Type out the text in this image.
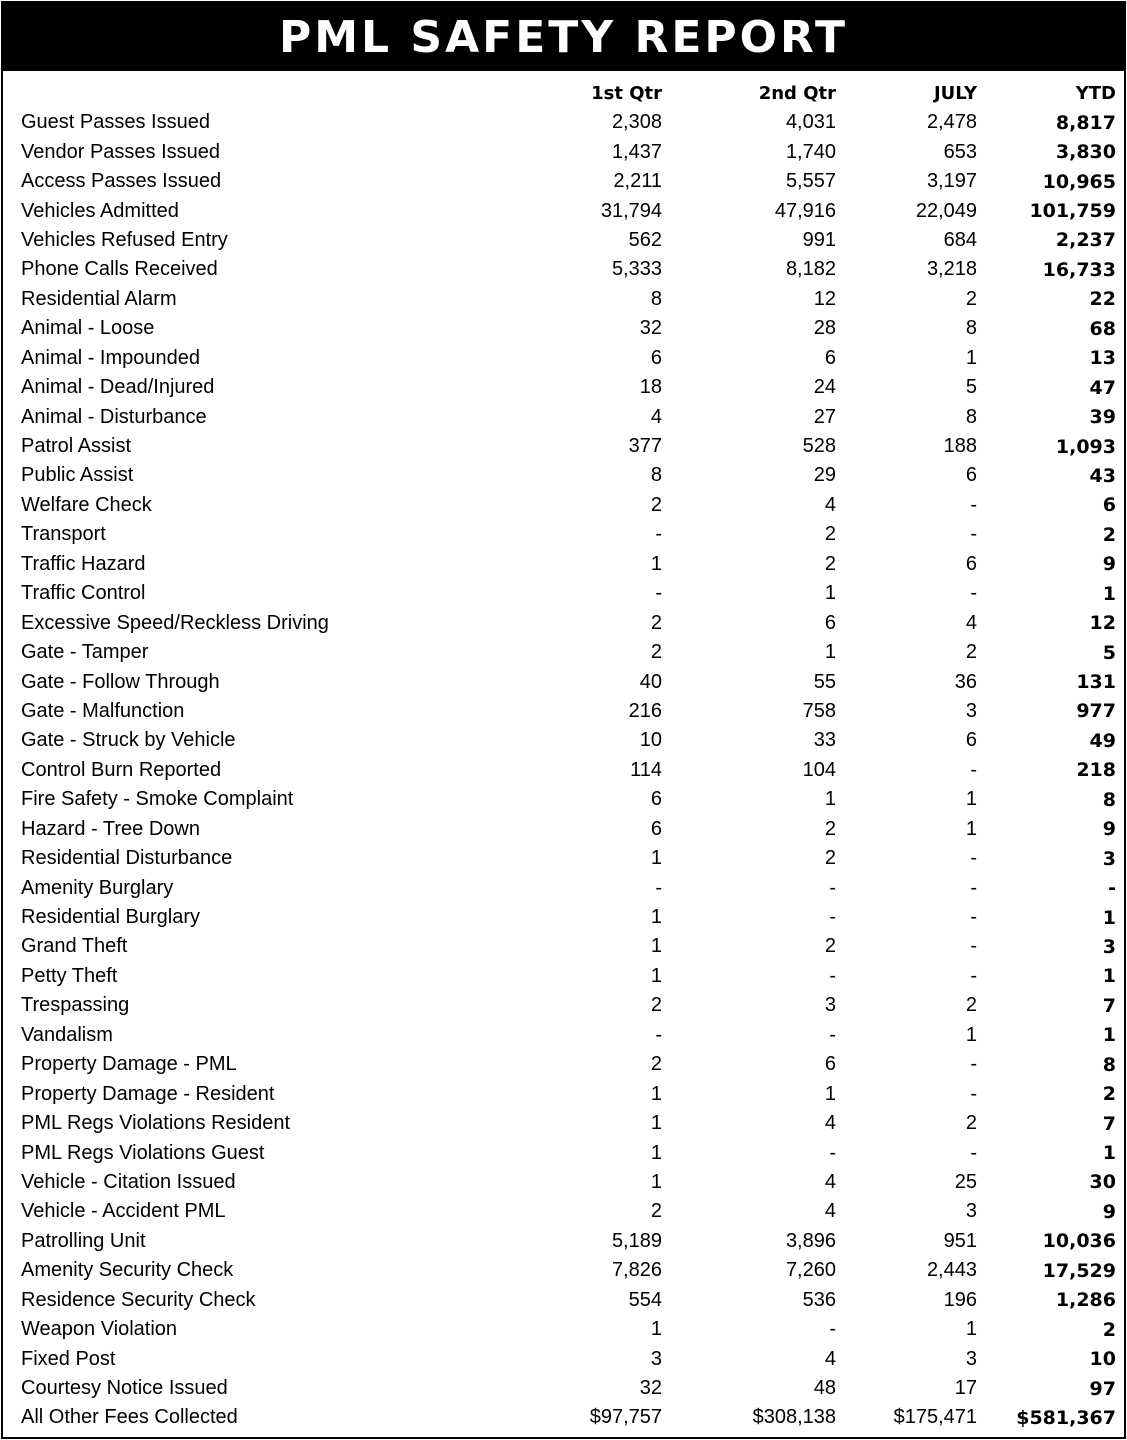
PML SAFETY REPORT
	1st Qtr	2nd Qtr	JULY	YTD
Guest Passes Issued	2,308	4,031	2,478	8,817
Vendor Passes Issued	1,437	1,740	653	3,830
Access Passes Issued	2,211	5,557	3,197	10,965
Vehicles Admitted	31,794	47,916	22,049	101,759
Vehicles Refused Entry	562	991	684	2,237
Phone Calls Received	5,333	8,182	3,218	16,733
Residential Alarm	8	12	2	22
Animal - Loose	32	28	8	68
Animal - Impounded	6	6	1	13
Animal - Dead/Injured	18	24	5	47
Animal - Disturbance	4	27	8	39
Patrol Assist	377	528	188	1,093
Public Assist	8	29	6	43
Welfare Check	2	4	-	6
Transport	-	2	-	2
Traffic Hazard	1	2	6	9
Traffic Control	-	1	-	1
Excessive Speed/Reckless Driving	2	6	4	12
Gate - Tamper	2	1	2	5
Gate - Follow Through	40	55	36	131
Gate - Malfunction	216	758	3	977
Gate - Struck by Vehicle	10	33	6	49
Control Burn Reported	114	104	-	218
Fire Safety - Smoke Complaint	6	1	1	8
Hazard - Tree Down	6	2	1	9
Residential Disturbance	1	2	-	3
Amenity Burglary	-	-	-	-
Residential Burglary	1	-	-	1
Grand Theft	1	2	-	3
Petty Theft	1	-	-	1
Trespassing	2	3	2	7
Vandalism	-	-	1	1
Property Damage - PML	2	6	-	8
Property Damage - Resident	1	1	-	2
PML Regs Violations Resident	1	4	2	7
PML Regs Violations Guest	1	-	-	1
Vehicle - Citation Issued	1	4	25	30
Vehicle - Accident PML	2	4	3	9
Patrolling Unit	5,189	3,896	951	10,036
Amenity Security Check	7,826	7,260	2,443	17,529
Residence Security Check	554	536	196	1,286
Weapon Violation	1	-	1	2
Fixed Post	3	4	3	10
Courtesy Notice Issued	32	48	17	97
All Other Fees Collected	$97,757	$308,138	$175,471	$581,367
